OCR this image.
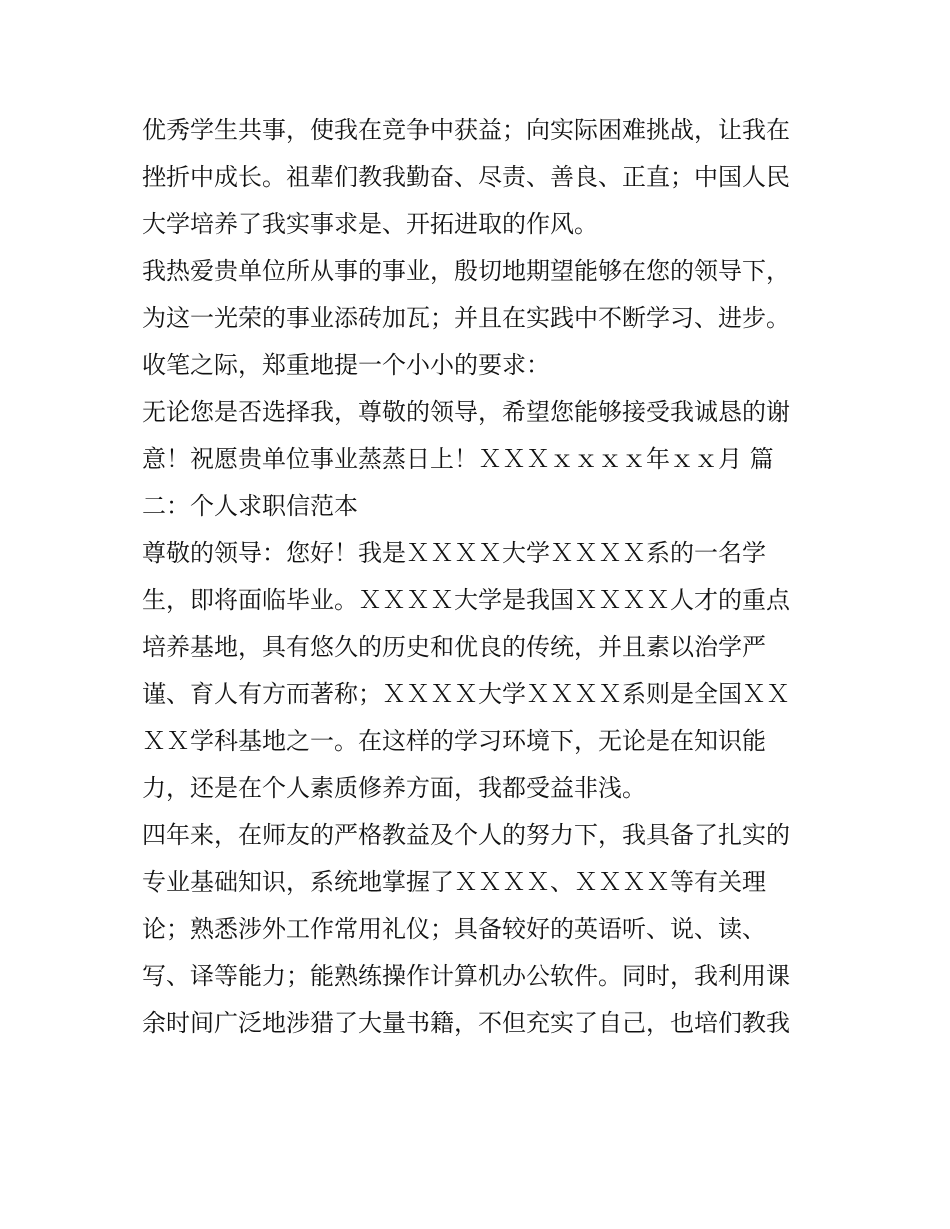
优秀学生共事，使我在竞争中获益；向实际困难挑战，让我在
挫折中成长。祖辈们教我勤奋、尽责、善良、正直；中国人民
大学培养了我实事求是、开拓进取的作风。
我热爱贵单位所从事的事业，殷切地期望能够在您的领导下，
为这一光荣的事业添砖加瓦；并且在实践中不断学习、进步。
收笔之际，郑重地提一个小小的要求：
无论您是否选择我，尊敬的领导，希望您能够接受我诚恳的谢
意！祝愿贵单位事业蒸蒸日上！ＸＸＸｘｘｘｘ年ｘｘ月 篇
二：个人求职信范本
尊敬的领导：您好！我是ＸＸＸＸ大学ＸＸＸＸ系的一名学
生，即将面临毕业。ＸＸＸＸ大学是我国ＸＸＸＸ人才的重点
培养基地，具有悠久的历史和优良的传统，并且素以治学严
谨、育人有方而著称；ＸＸＸＸ大学ＸＸＸＸ系则是全国ＸＸ
ＸＸ学科基地之一。在这样的学习环境下，无论是在知识能
力，还是在个人素质修养方面，我都受益非浅。
四年来，在师友的严格教益及个人的努力下，我具备了扎实的
专业基础知识，系统地掌握了ＸＸＸＸ、ＸＸＸＸ等有关理
论；熟悉涉外工作常用礼仪；具备较好的英语听、说、读、
写、译等能力；能熟练操作计算机办公软件。同时，我利用课
余时间广泛地涉猎了大量书籍，不但充实了自己，也培们教我
